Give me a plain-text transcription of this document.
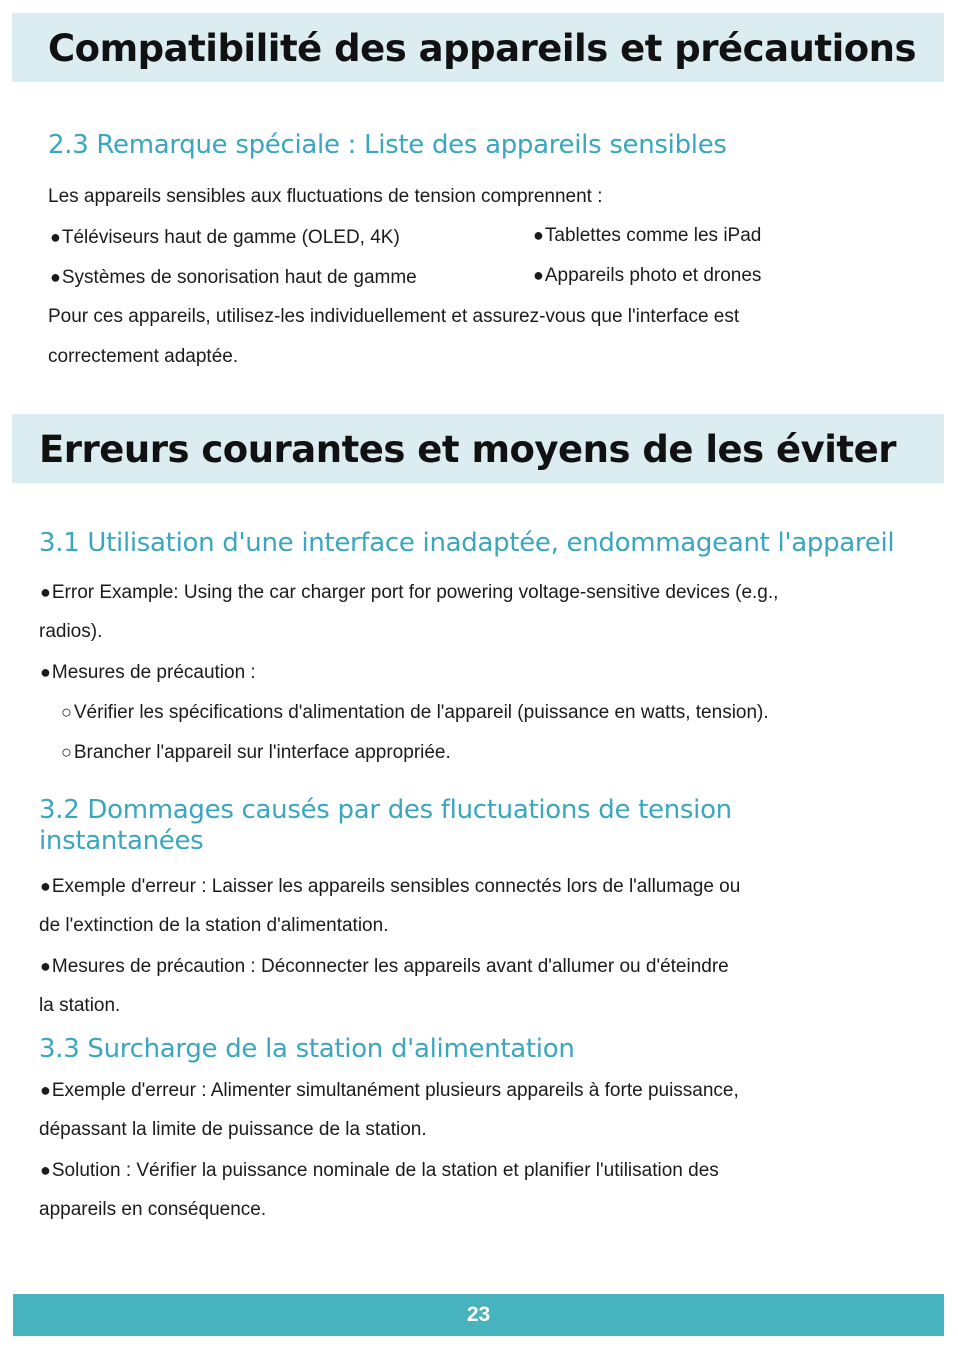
Compatibilité des appareils et précautions
2.3 Remarque spéciale : Liste des appareils sensibles

Les appareils sensibles aux fluctuations de tension comprennent :

●Téléviseurs haut de gamme (OLED, 4K)	●Tablettes comme les iPad

●Systèmes de sonorisation haut de gamme	●Appareils photo et drones

Pour ces appareils, utilisez-les individuellement et assurez-vous que l'interface est

correctement adaptée.

Erreurs courantes et moyens de les éviter
3.1 Utilisation d'une interface inadaptée, endommageant l'appareil

●Error Example: Using the car charger port for powering voltage-sensitive devices (e.g.,

radios).

●Mesures de précaution :

○ Vérifier les spécifications d'alimentation de l'appareil (puissance en watts, tension).

○ Brancher l'appareil sur l'interface appropriée.

3.2 Dommages causés par des fluctuations de tension
instantanées

●Exemple d'erreur : Laisser les appareils sensibles connectés lors de l'allumage ou

de l'extinction de la station d'alimentation.

●Mesures de précaution : Déconnecter les appareils avant d'allumer ou d'éteindre

la station.

3.3 Surcharge de la station d'alimentation

●Exemple d'erreur : Alimenter simultanément plusieurs appareils à forte puissance,

dépassant la limite de puissance de la station.

●Solution : Vérifier la puissance nominale de la station et planifier l'utilisation des

appareils en conséquence.

23
